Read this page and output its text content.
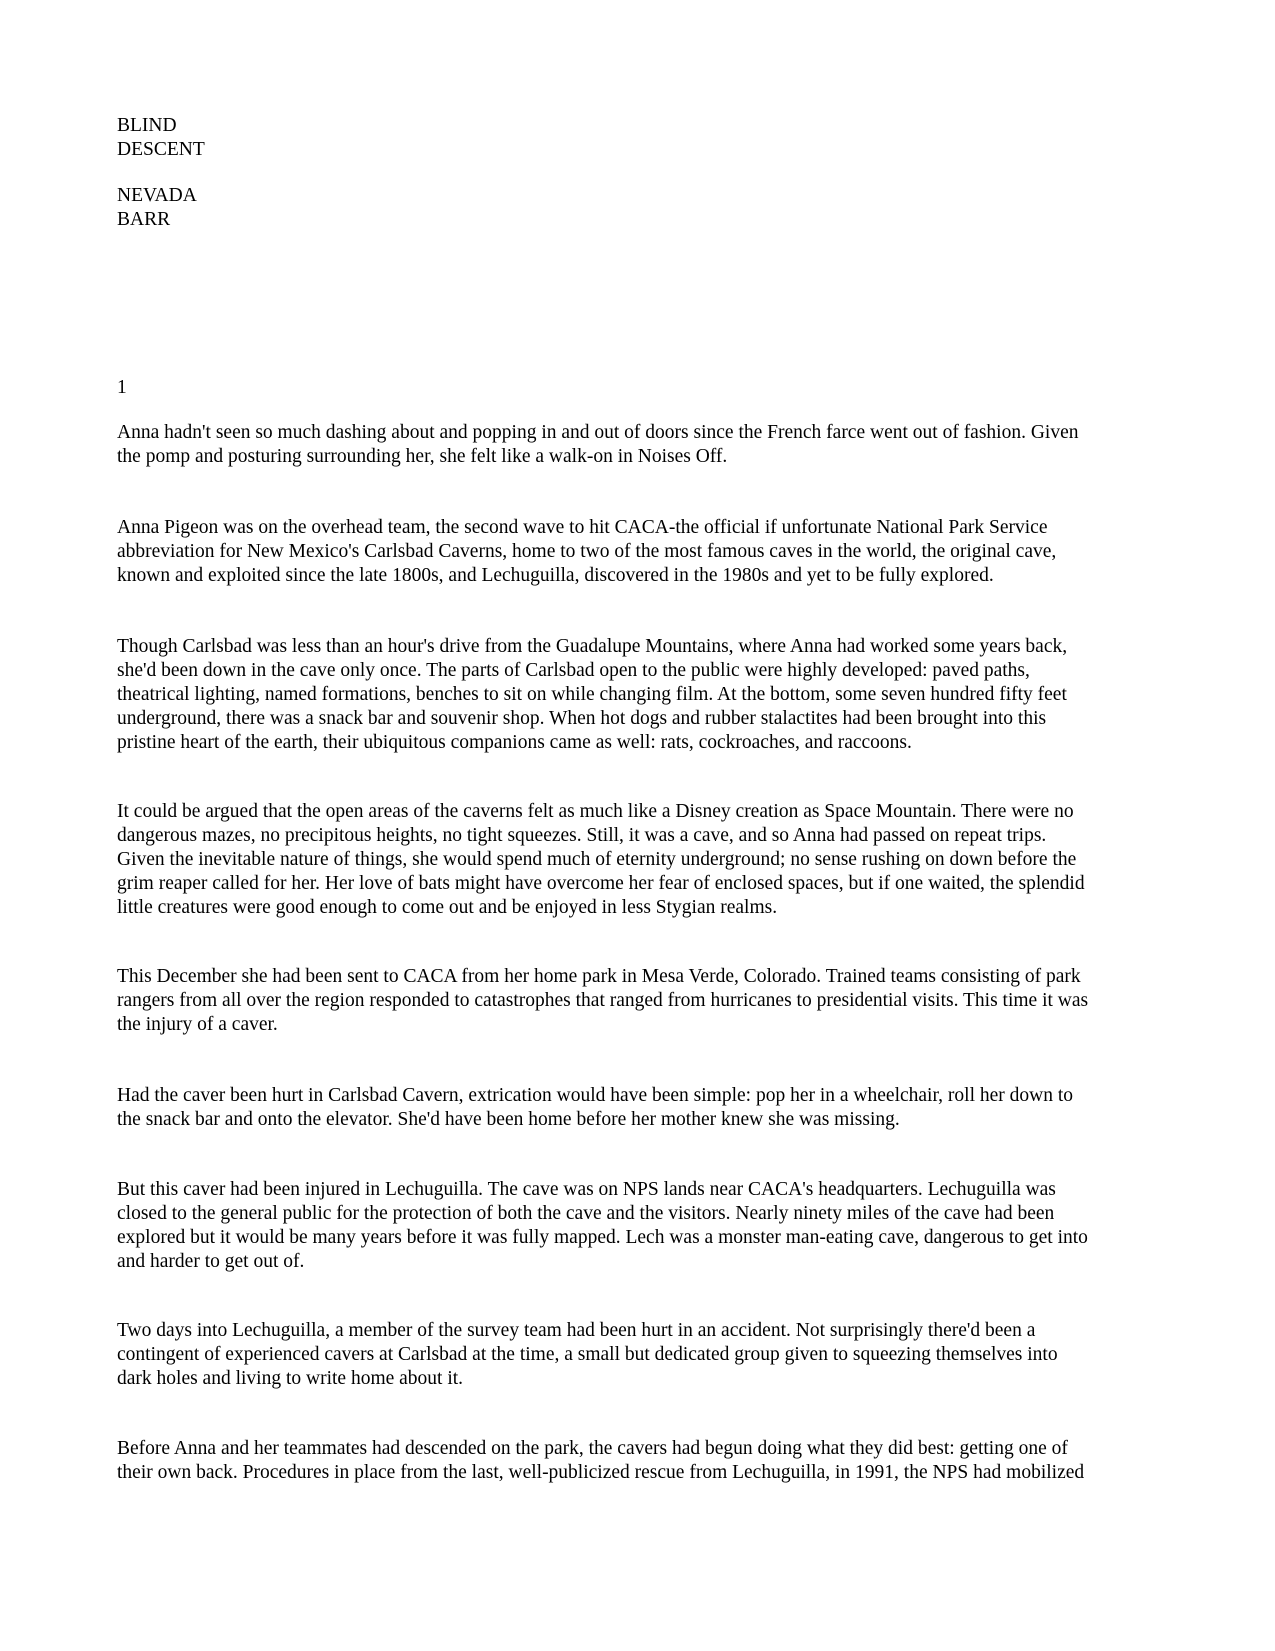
BLIND
DESCENT
NEVADA
BARR
1
Anna hadn't seen so much dashing about and popping in and out of doors since the French farce went out of fashion. Given
the pomp and posturing surrounding her, she felt like a walk-on in Noises Off.
Anna Pigeon was on the overhead team, the second wave to hit CACA-the official if unfortunate National Park Service
abbreviation for New Mexico's Carlsbad Caverns, home to two of the most famous caves in the world, the original cave,
known and exploited since the late 1800s, and Lechuguilla, discovered in the 1980s and yet to be fully explored.
Though Carlsbad was less than an hour's drive from the Guadalupe Mountains, where Anna had worked some years back,
she'd been down in the cave only once. The parts of Carlsbad open to the public were highly developed: paved paths,
theatrical lighting, named formations, benches to sit on while changing film. At the bottom, some seven hundred fifty feet
underground, there was a snack bar and souvenir shop. When hot dogs and rubber stalactites had been brought into this
pristine heart of the earth, their ubiquitous companions came as well: rats, cockroaches, and raccoons.
It could be argued that the open areas of the caverns felt as much like a Disney creation as Space Mountain. There were no
dangerous mazes, no precipitous heights, no tight squeezes. Still, it was a cave, and so Anna had passed on repeat trips.
Given the inevitable nature of things, she would spend much of eternity underground; no sense rushing on down before the
grim reaper called for her. Her love of bats might have overcome her fear of enclosed spaces, but if one waited, the splendid
little creatures were good enough to come out and be enjoyed in less Stygian realms.
This December she had been sent to CACA from her home park in Mesa Verde, Colorado. Trained teams consisting of park
rangers from all over the region responded to catastrophes that ranged from hurricanes to presidential visits. This time it was
the injury of a caver.
Had the caver been hurt in Carlsbad Cavern, extrication would have been simple: pop her in a wheelchair, roll her down to
the snack bar and onto the elevator. She'd have been home before her mother knew she was missing.
But this caver had been injured in Lechuguilla. The cave was on NPS lands near CACA's headquarters. Lechuguilla was
closed to the general public for the protection of both the cave and the visitors. Nearly ninety miles of the cave had been
explored but it would be many years before it was fully mapped. Lech was a monster man-eating cave, dangerous to get into
and harder to get out of.
Two days into Lechuguilla, a member of the survey team had been hurt in an accident. Not surprisingly there'd been a
contingent of experienced cavers at Carlsbad at the time, a small but dedicated group given to squeezing themselves into
dark holes and living to write home about it.
Before Anna and her teammates had descended on the park, the cavers had begun doing what they did best: getting one of
their own back. Procedures in place from the last, well-publicized rescue from Lechuguilla, in 1991, the NPS had mobilized
